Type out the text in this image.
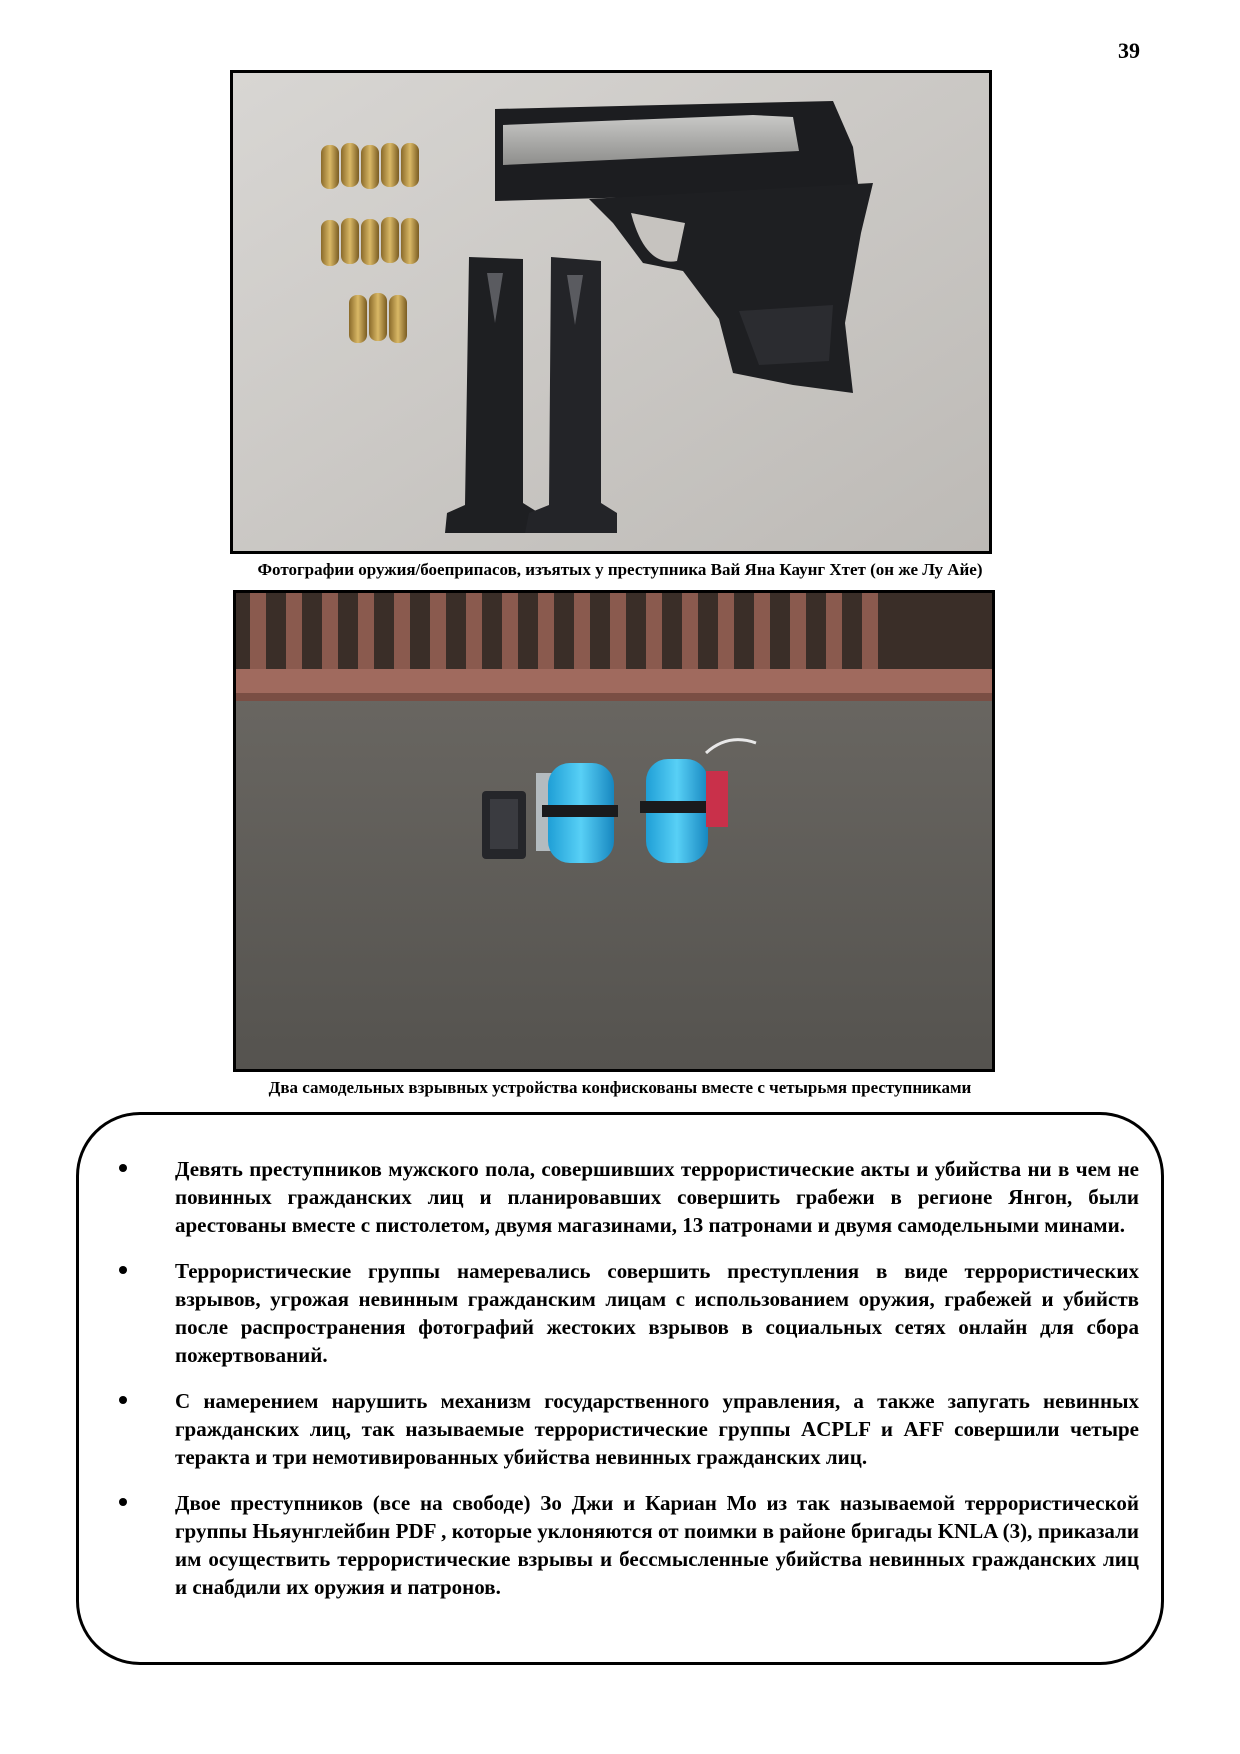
39
Фотографии оружия/боеприпасов, изъятых у преступника Вай Яна Каунг Хтет (он же Лу Айе)
Два самодельных взрывных устройства конфискованы вместе с четырьмя преступниками
Девять преступников мужского пола, совершивших террористические акты и убийства ни в чем не повинных гражданских лиц и планировавших совершить грабежи в регионе Янгон, были арестованы вместе с пистолетом, двумя магазинами, 13 патронами и двумя самодельными минами.
Террористические группы намеревались совершить преступления в виде террористических взрывов, угрожая невинным гражданским лицам с использованием оружия, грабежей и убийств после распространения фотографий жестоких взрывов в социальных сетях онлайн для сбора пожертвований.
С намерением нарушить механизм государственного управления, а также запугать невинных гражданских лиц, так называемые террористические группы ACPLF и AFF совершили четыре теракта и три немотивированных убийства невинных гражданских лиц.
Двое преступников (все на свободе) Зо Джи и Кариан Мо из так называемой террористической группы Ньяунглейбин PDF , которые уклоняются от поимки в районе бригады KNLA (3), приказали им осуществить террористические взрывы и бессмысленные убийства невинных гражданских лиц и снабдили их оружия и патронов.
